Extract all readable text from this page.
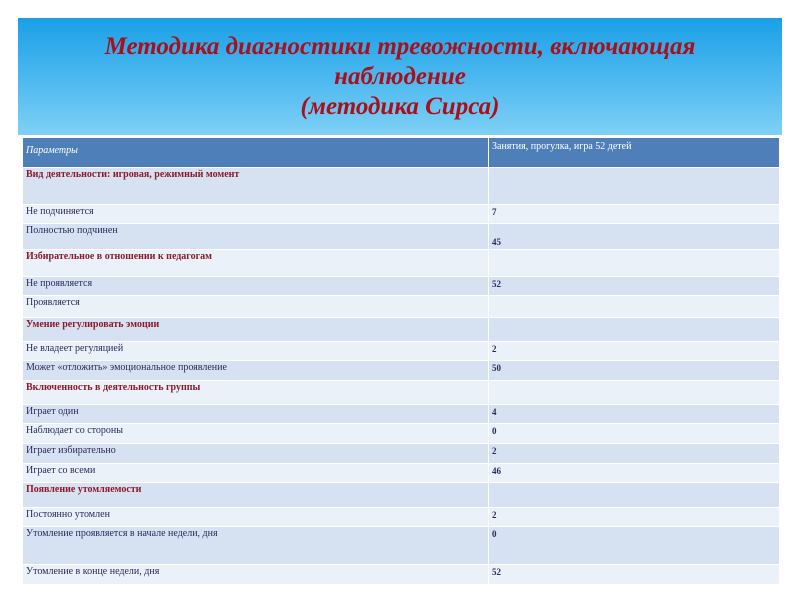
Методика диагностики тревожности, включающая
наблюдение
(методика Сирса)
Параметры	Занятия, прогулка, игра 52 детей
Вид деятельности: игровая, режимный момент	
Не подчиняется	7
Полностью подчинен	45
Избирательное в отношении к педагогам	
Не проявляется	52
Проявляется	
Умение регулировать эмоции	
Не владеет регуляцией	2
Может «отложить» эмоциональное проявление	50
Включенность в деятельность группы	
Играет один	4
Наблюдает со стороны	0
Играет избирательно	2
Играет со всеми	46
Появление утомляемости	
Постоянно утомлен	2
Утомление проявляется в начале недели, дня	0
Утомление в конце недели, дня	52
